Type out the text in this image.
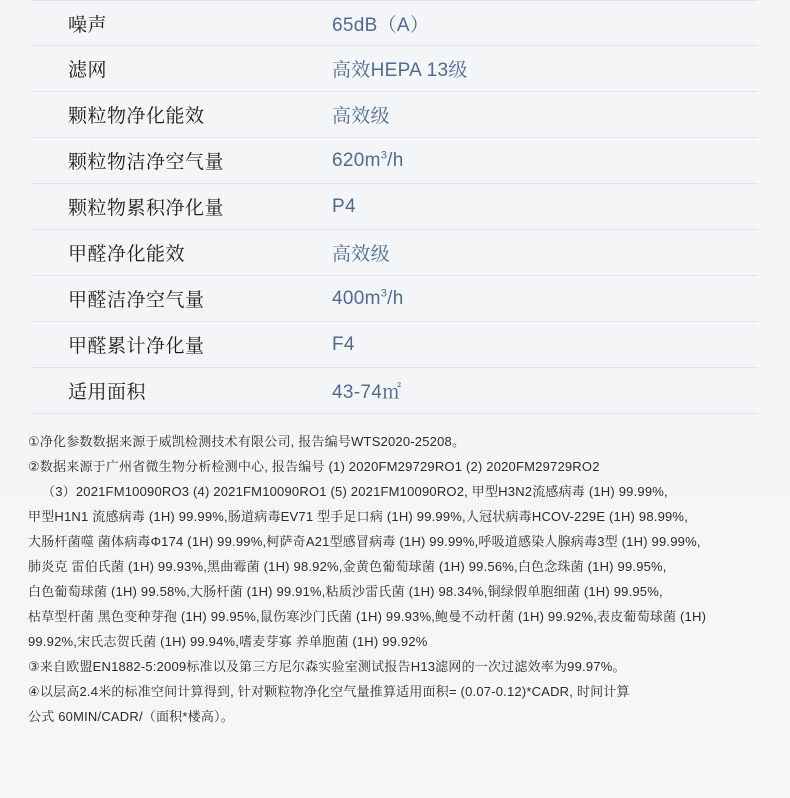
噪声	65dB（A）
滤网	高效HEPA 13级
颗粒物净化能效	高效级
颗粒物洁净空气量	$620m^3/h$
颗粒物累积净化量	P4
甲醛净化能效	高效级
甲醛洁净空气量	$400m^3/h$
甲醛累计净化量	F4
适用面积	43-74㎡
①净化参数数据来源于威凯检测技术有限公司, 报告编号WTS2020-25208。
②数据来源于广州省微生物分析检测中心, 报告编号 (1) 2020FM29729RO1 (2) 2020FM29729RO2
（3）2021FM10090RO3 (4) 2021FM10090RO1 (5) 2021FM10090RO2, 甲型H3N2流感病毒 (1H) 99.99%,
甲型H1N1 流感病毒 (1H) 99.99%,肠道病毒EV71 型手足口病 (1H) 99.99%,人冠状病毒HCOV-229E (1H) 98.99%,
大肠杆菌噬 菌体病毒Φ174 (1H) 99.99%,柯萨奇A21型感冒病毒 (1H) 99.99%,呼吸道感染人腺病毒3型 (1H) 99.99%,
肺炎克 雷伯氏菌 (1H) 99.93%,黑曲霉菌 (1H) 98.92%,金黄色葡萄球菌 (1H) 99.56%,白色念珠菌 (1H) 99.95%,
白色葡萄球菌 (1H) 99.58%,大肠杆菌 (1H) 99.91%,粘质沙雷氏菌 (1H) 98.34%,铜绿假单胞细菌 (1H) 99.95%,
枯草型杆菌 黑色变种芽孢 (1H) 99.95%,鼠伤寒沙门氏菌 (1H) 99.93%,鲍曼不动杆菌 (1H) 99.92%,表皮葡萄球菌 (1H)
99.92%,宋氏志贺氏菌 (1H) 99.94%,嗜麦芽寡 养单胞菌 (1H) 99.92%
③来自欧盟EN1882-5:2009标准以及第三方尼尔森实验室测试报告H13滤网的一次过滤效率为99.97%。
④以层高2.4米的标准空间计算得到, 针对颗粒物净化空气量推算适用面积= (0.07-0.12)*CADR, 时间计算
公式 60MIN/CADR/（面积*楼高）。
